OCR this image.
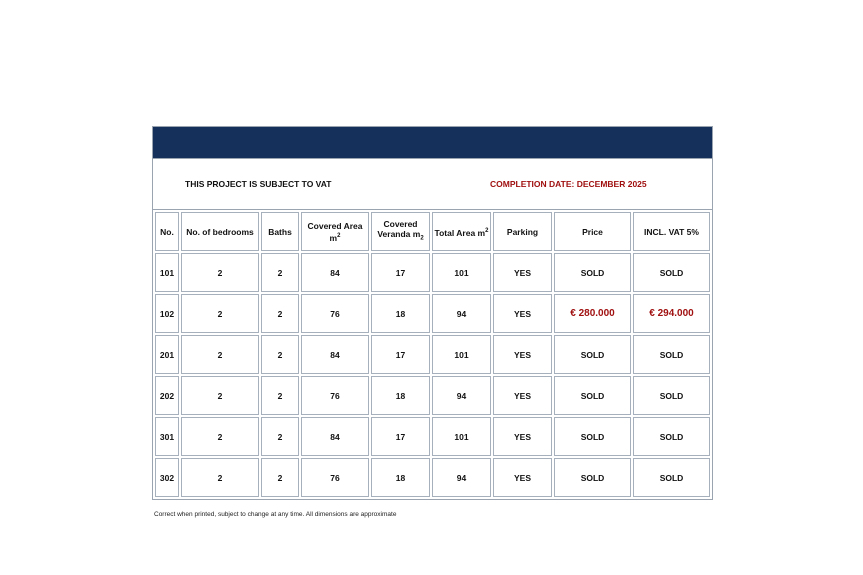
THIS PROJECT IS SUBJECT TO VAT	COMPLETION DATE: DECEMBER 2025
No.	No. of bedrooms	Baths	Covered Area $m^2$	Covered Veranda $m_2$	Total Area $m^2$	Parking	Price	INCL. VAT 5%
101	2	2	84	17	101	YES	SOLD	SOLD
102	2	2	76	18	94	YES	€ 280.000	€ 294.000
201	2	2	84	17	101	YES	SOLD	SOLD
202	2	2	76	18	94	YES	SOLD	SOLD
301	2	2	84	17	101	YES	SOLD	SOLD
302	2	2	76	18	94	YES	SOLD	SOLD
Correct when printed, subject to change at any time. All dimensions are approximate
